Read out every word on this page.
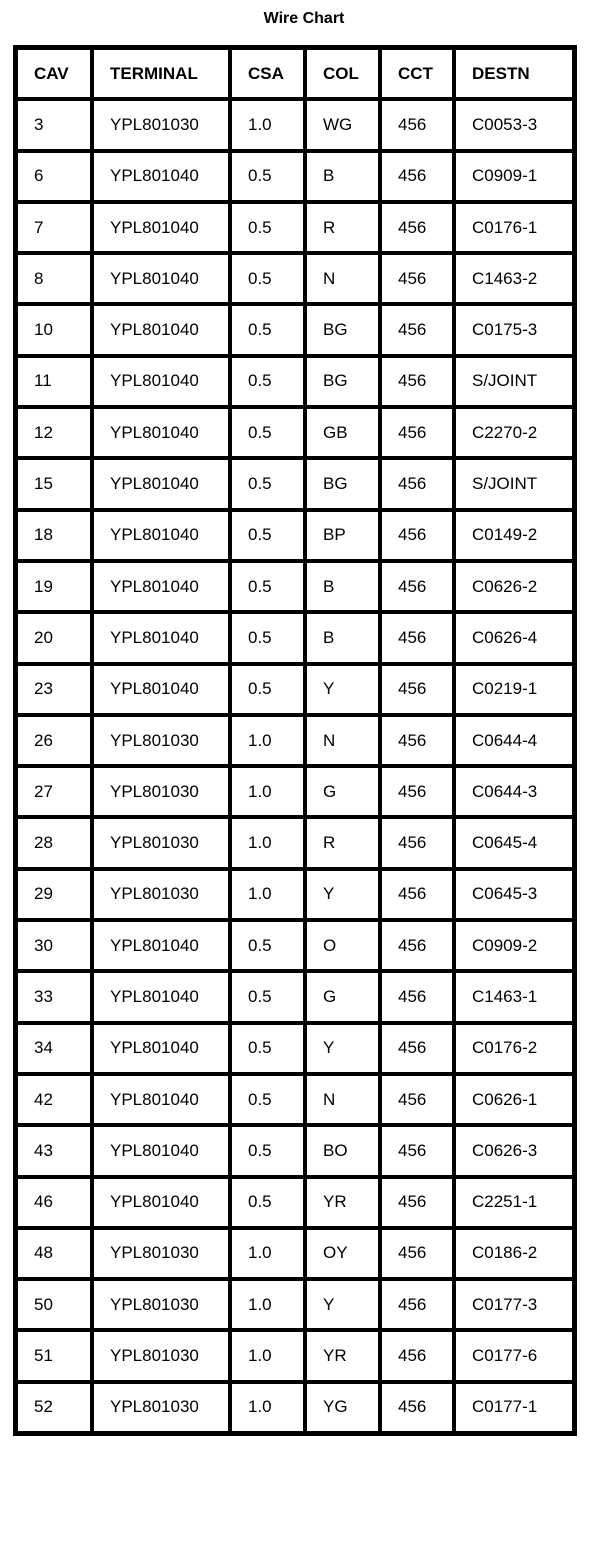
Wire Chart
CAV	TERMINAL	CSA	COL	CCT	DESTN
3	YPL801030	1.0	WG	456	C0053-3
6	YPL801040	0.5	B	456	C0909-1
7	YPL801040	0.5	R	456	C0176-1
8	YPL801040	0.5	N	456	C1463-2
10	YPL801040	0.5	BG	456	C0175-3
11	YPL801040	0.5	BG	456	S/JOINT
12	YPL801040	0.5	GB	456	C2270-2
15	YPL801040	0.5	BG	456	S/JOINT
18	YPL801040	0.5	BP	456	C0149-2
19	YPL801040	0.5	B	456	C0626-2
20	YPL801040	0.5	B	456	C0626-4
23	YPL801040	0.5	Y	456	C0219-1
26	YPL801030	1.0	N	456	C0644-4
27	YPL801030	1.0	G	456	C0644-3
28	YPL801030	1.0	R	456	C0645-4
29	YPL801030	1.0	Y	456	C0645-3
30	YPL801040	0.5	O	456	C0909-2
33	YPL801040	0.5	G	456	C1463-1
34	YPL801040	0.5	Y	456	C0176-2
42	YPL801040	0.5	N	456	C0626-1
43	YPL801040	0.5	BO	456	C0626-3
46	YPL801040	0.5	YR	456	C2251-1
48	YPL801030	1.0	OY	456	C0186-2
50	YPL801030	1.0	Y	456	C0177-3
51	YPL801030	1.0	YR	456	C0177-6
52	YPL801030	1.0	YG	456	C0177-1
